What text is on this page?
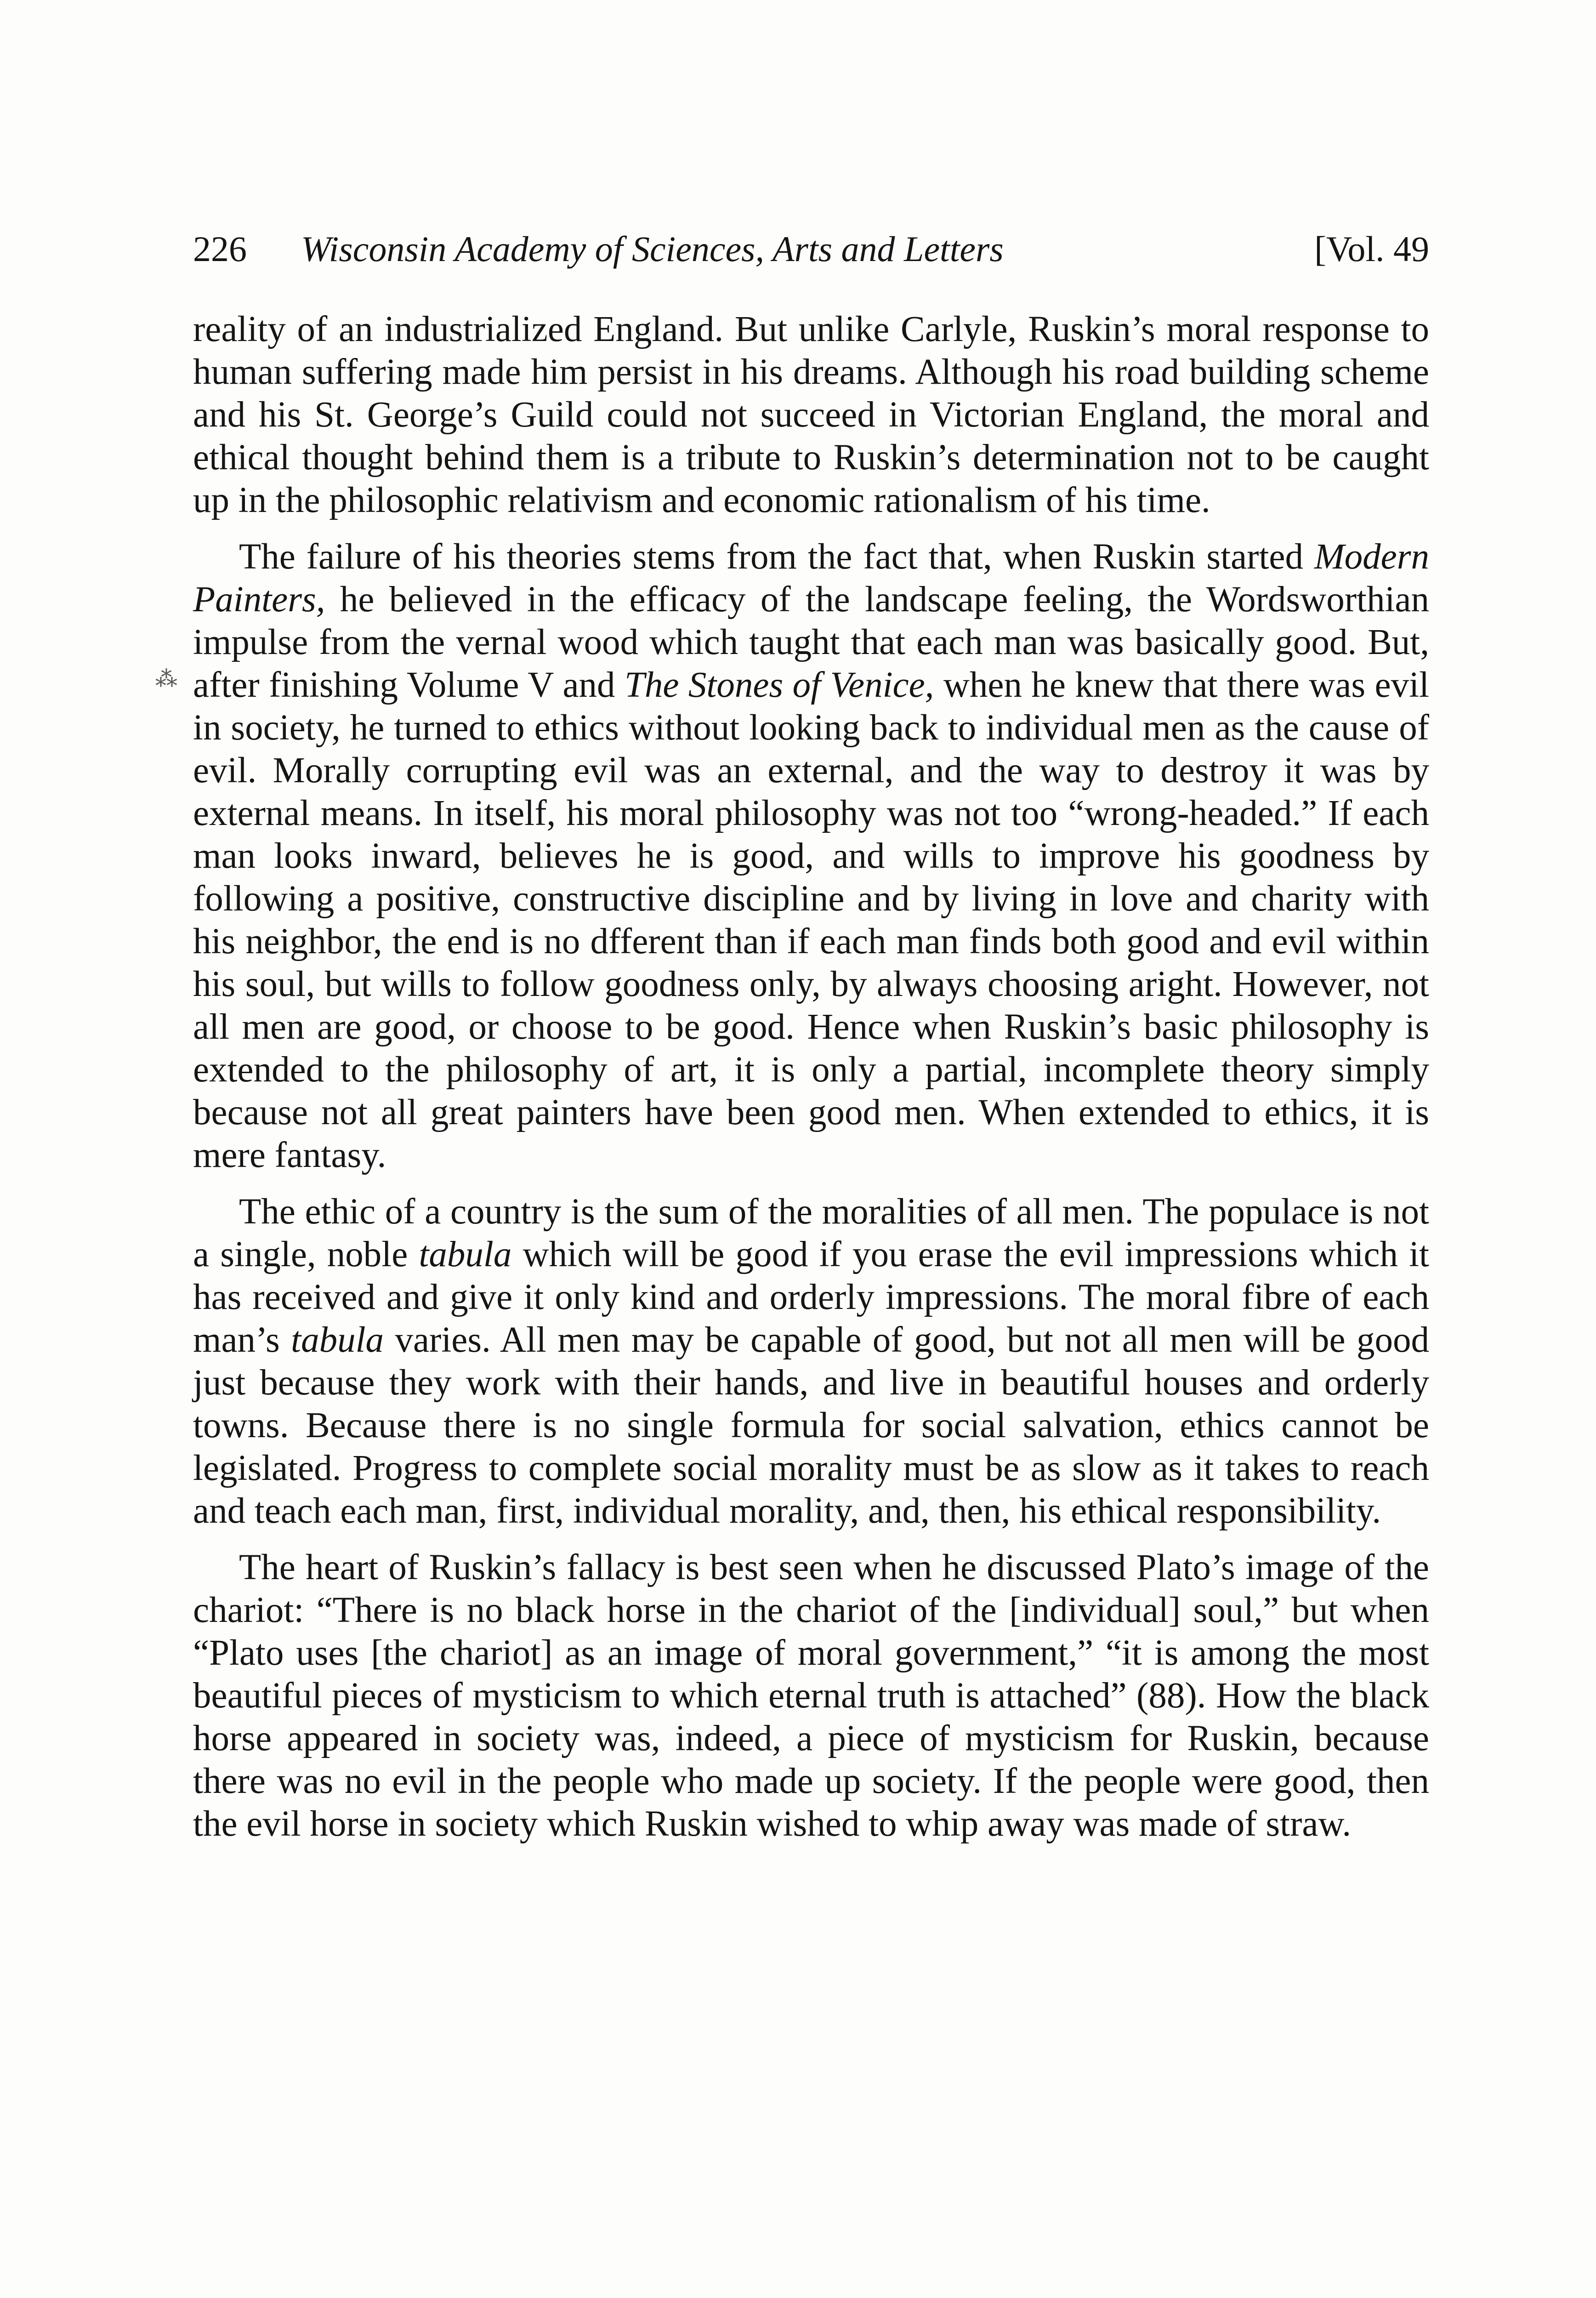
226 Wisconsin Academy of Sciences, Arts and Letters	[Vol. 49
⁂

reality of an industrialized England. But unlike Carlyle, Ruskin’s moral response to human suffering made him persist in his dreams. Although his road building scheme and his St. George’s Guild could not succeed in Victorian England, the moral and ethical thought behind them is a tribute to Ruskin’s determination not to be caught up in the philosophic relativism and economic rationalism of his time.

The failure of his theories stems from the fact that, when Ruskin started Modern Painters, he believed in the efficacy of the landscape feeling, the Wordsworthian impulse from the vernal wood which taught that each man was basically good. But, after finishing Volume V and The Stones of Venice, when he knew that there was evil in society, he turned to ethics without looking back to individual men as the cause of evil. Morally corrupting evil was an external, and the way to destroy it was by external means. In itself, his moral philosophy was not too “wrong-headed.” If each man looks inward, believes he is good, and wills to improve his goodness by following a positive, constructive discipline and by living in love and charity with his neighbor, the end is no dfferent than if each man finds both good and evil within his soul, but wills to follow goodness only, by always choosing aright. However, not all men are good, or choose to be good. Hence when Ruskin’s basic philosophy is extended to the philosophy of art, it is only a partial, incomplete theory simply because not all great painters have been good men. When extended to ethics, it is mere fantasy.

The ethic of a country is the sum of the moralities of all men. The populace is not a single, noble tabula which will be good if you erase the evil impressions which it has received and give it only kind and orderly impressions. The moral fibre of each man’s tabula varies. All men may be capable of good, but not all men will be good just because they work with their hands, and live in beautiful houses and orderly towns. Because there is no single formula for social salvation, ethics cannot be legislated. Progress to complete social morality must be as slow as it takes to reach and teach each man, first, individual morality, and, then, his ethical responsibility.

The heart of Ruskin’s fallacy is best seen when he discussed Plato’s image of the chariot: “There is no black horse in the chariot of the [individual] soul,” but when “Plato uses [the chariot] as an image of moral government,” “it is among the most beautiful pieces of mysticism to which eternal truth is attached” (88). How the black horse appeared in society was, indeed, a piece of mysticism for Ruskin, because there was no evil in the people who made up society. If the people were good, then the evil horse in society which Ruskin wished to whip away was made of straw.
